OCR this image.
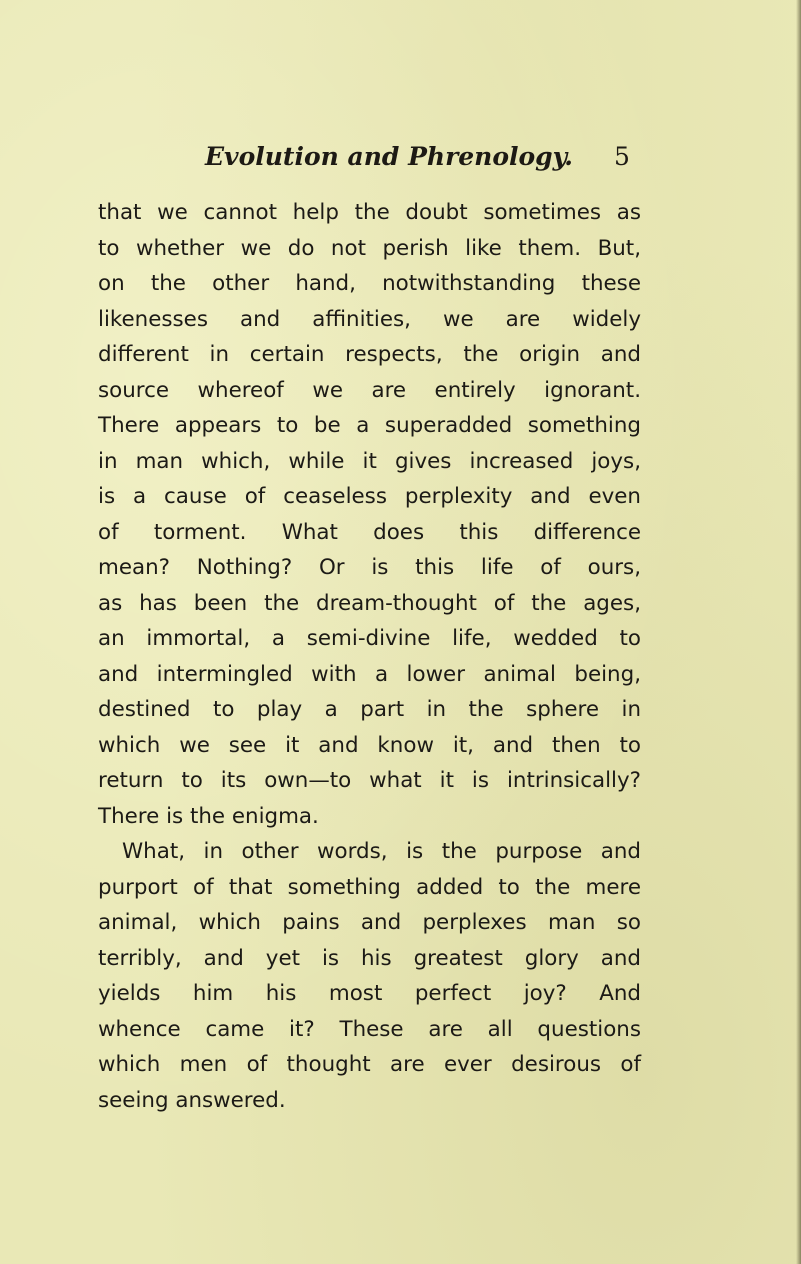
Evolution and Phrenology. 5
that we cannot help the doubt sometimes as
to whether we do not perish like them. But,
on the other hand, notwithstanding these
likenesses and affinities, we are widely
different in certain respects, the origin and
source whereof we are entirely ignorant.
There appears to be a superadded something
in man which, while it gives increased joys,
is a cause of ceaseless perplexity and even
of torment. What does this difference
mean? Nothing? Or is this life of ours,
as has been the dream-thought of the ages,
an immortal, a semi-divine life, wedded to
and intermingled with a lower animal being,
destined to play a part in the sphere in
which we see it and know it, and then to
return to its own—to what it is intrinsically?
There is the enigma.
What, in other words, is the purpose and
purport of that something added to the mere
animal, which pains and perplexes man so
terribly, and yet is his greatest glory and
yields him his most perfect joy? And
whence came it? These are all questions
which men of thought are ever desirous of
seeing answered.
